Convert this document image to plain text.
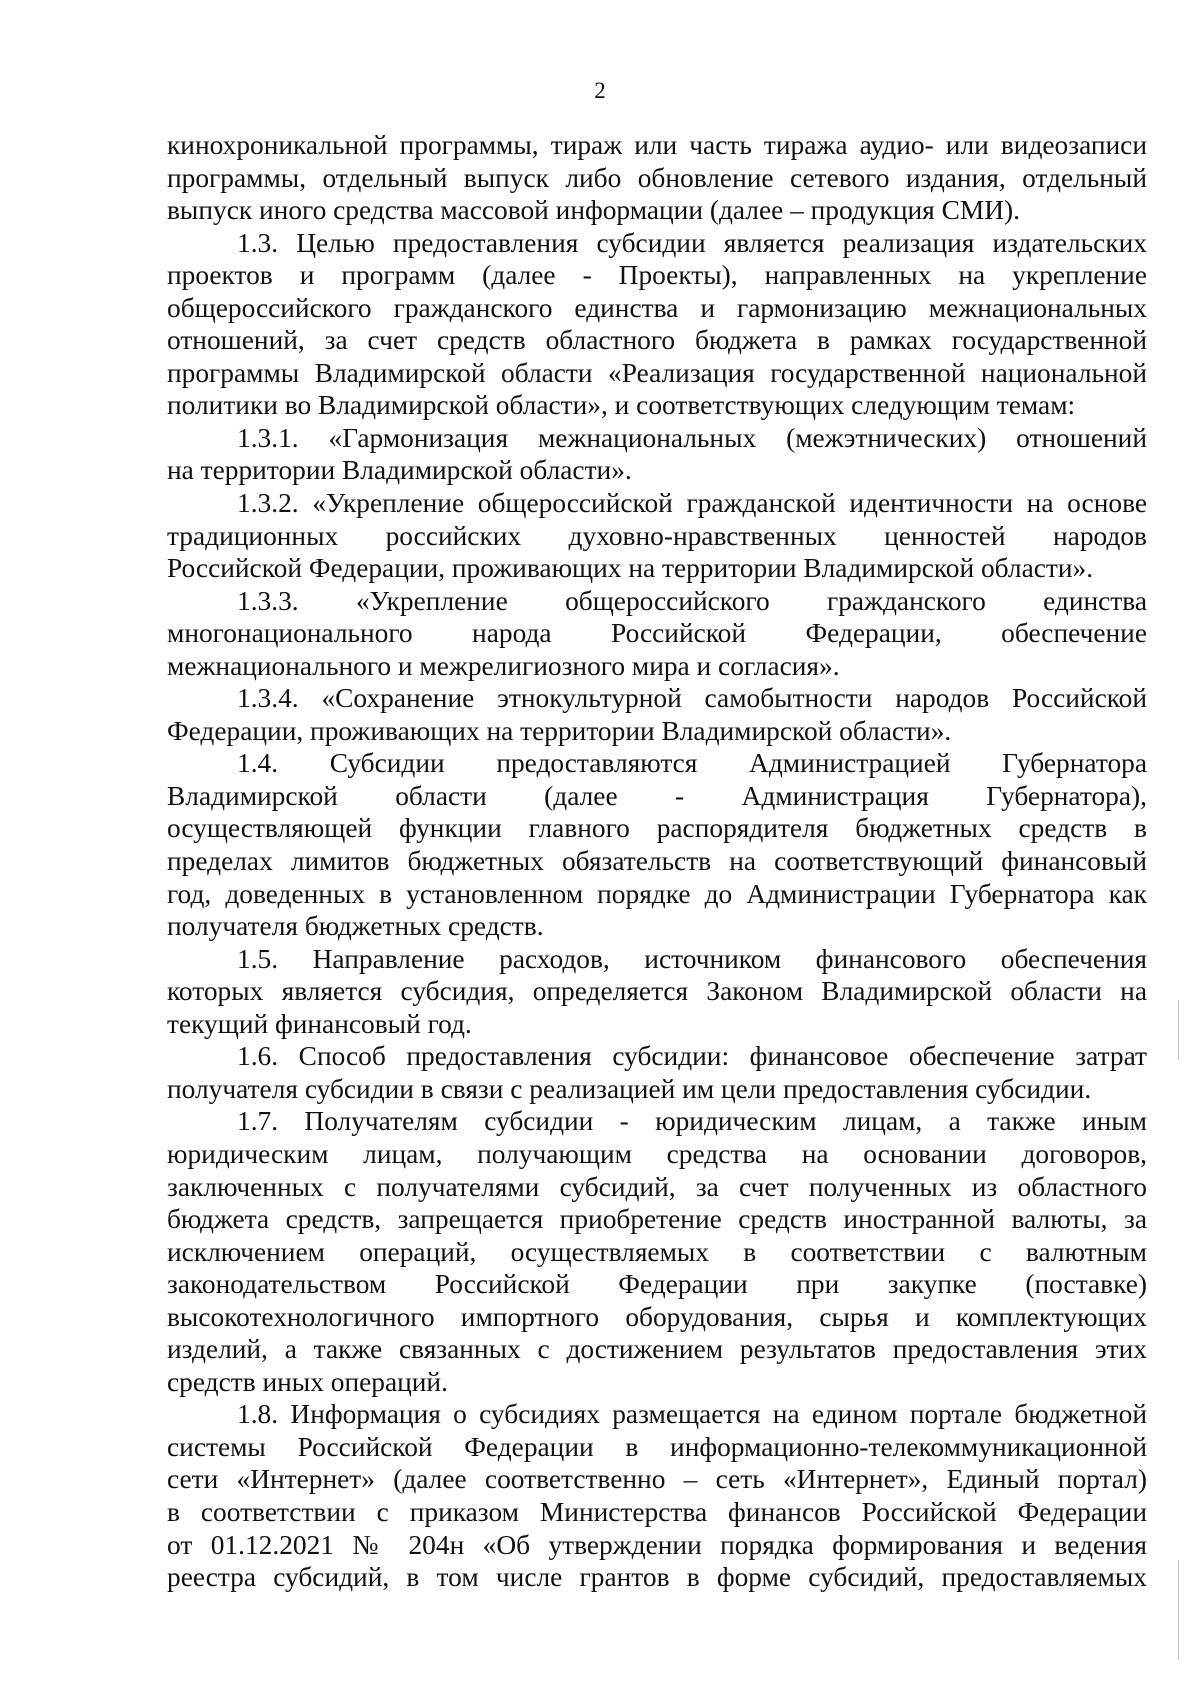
2
кинохроникальной программы, тираж или часть тиража аудио- или видеозаписи
программы, отдельный выпуск либо обновление сетевого издания, отдельный
выпуск иного средства массовой информации (далее – продукция СМИ).
1.3. Целью предоставления субсидии является реализация издательских
проектов и программ (далее - Проекты), направленных на укрепление
общероссийского гражданского единства и гармонизацию межнациональных
отношений, за счет средств областного бюджета в рамках государственной
программы Владимирской области «Реализация государственной национальной
политики во Владимирской области», и соответствующих следующим темам:
1.3.1. «Гармонизация межнациональных (межэтнических) отношений
на территории Владимирской области».
1.3.2. «Укрепление общероссийской гражданской идентичности на основе
традиционных российских духовно-нравственных ценностей народов
Российской Федерации, проживающих на территории Владимирской области».
1.3.3. «Укрепление общероссийского гражданского единства
многонационального народа Российской Федерации, обеспечение
межнационального и межрелигиозного мира и согласия».
1.3.4. «Сохранение этнокультурной самобытности народов Российской
Федерации, проживающих на территории Владимирской области».
1.4. Субсидии предоставляются Администрацией Губернатора
Владимирской области (далее - Администрация Губернатора),
осуществляющей функции главного распорядителя бюджетных средств в
пределах лимитов бюджетных обязательств на соответствующий финансовый
год, доведенных в установленном порядке до Администрации Губернатора как
получателя бюджетных средств.
1.5. Направление расходов, источником финансового обеспечения
которых является субсидия, определяется Законом Владимирской области на
текущий финансовый год.
1.6. Способ предоставления субсидии: финансовое обеспечение затрат
получателя субсидии в связи с реализацией им цели предоставления субсидии.
1.7. Получателям субсидии - юридическим лицам, а также иным
юридическим лицам, получающим средства на основании договоров,
заключенных с получателями субсидий, за счет полученных из областного
бюджета средств, запрещается приобретение средств иностранной валюты, за
исключением операций, осуществляемых в соответствии с валютным
законодательством Российской Федерации при закупке (поставке)
высокотехнологичного импортного оборудования, сырья и комплектующих
изделий, а также связанных с достижением результатов предоставления этих
средств иных операций.
1.8. Информация о субсидиях размещается на едином портале бюджетной
системы Российской Федерации в информационно-телекоммуникационной
сети «Интернет» (далее соответственно – сеть «Интернет», Единый портал)
в соответствии с приказом Министерства финансов Российской Федерации
от 01.12.2021 № 204н «Об утверждении порядка формирования и ведения
реестра субсидий, в том числе грантов в форме субсидий, предоставляемых
